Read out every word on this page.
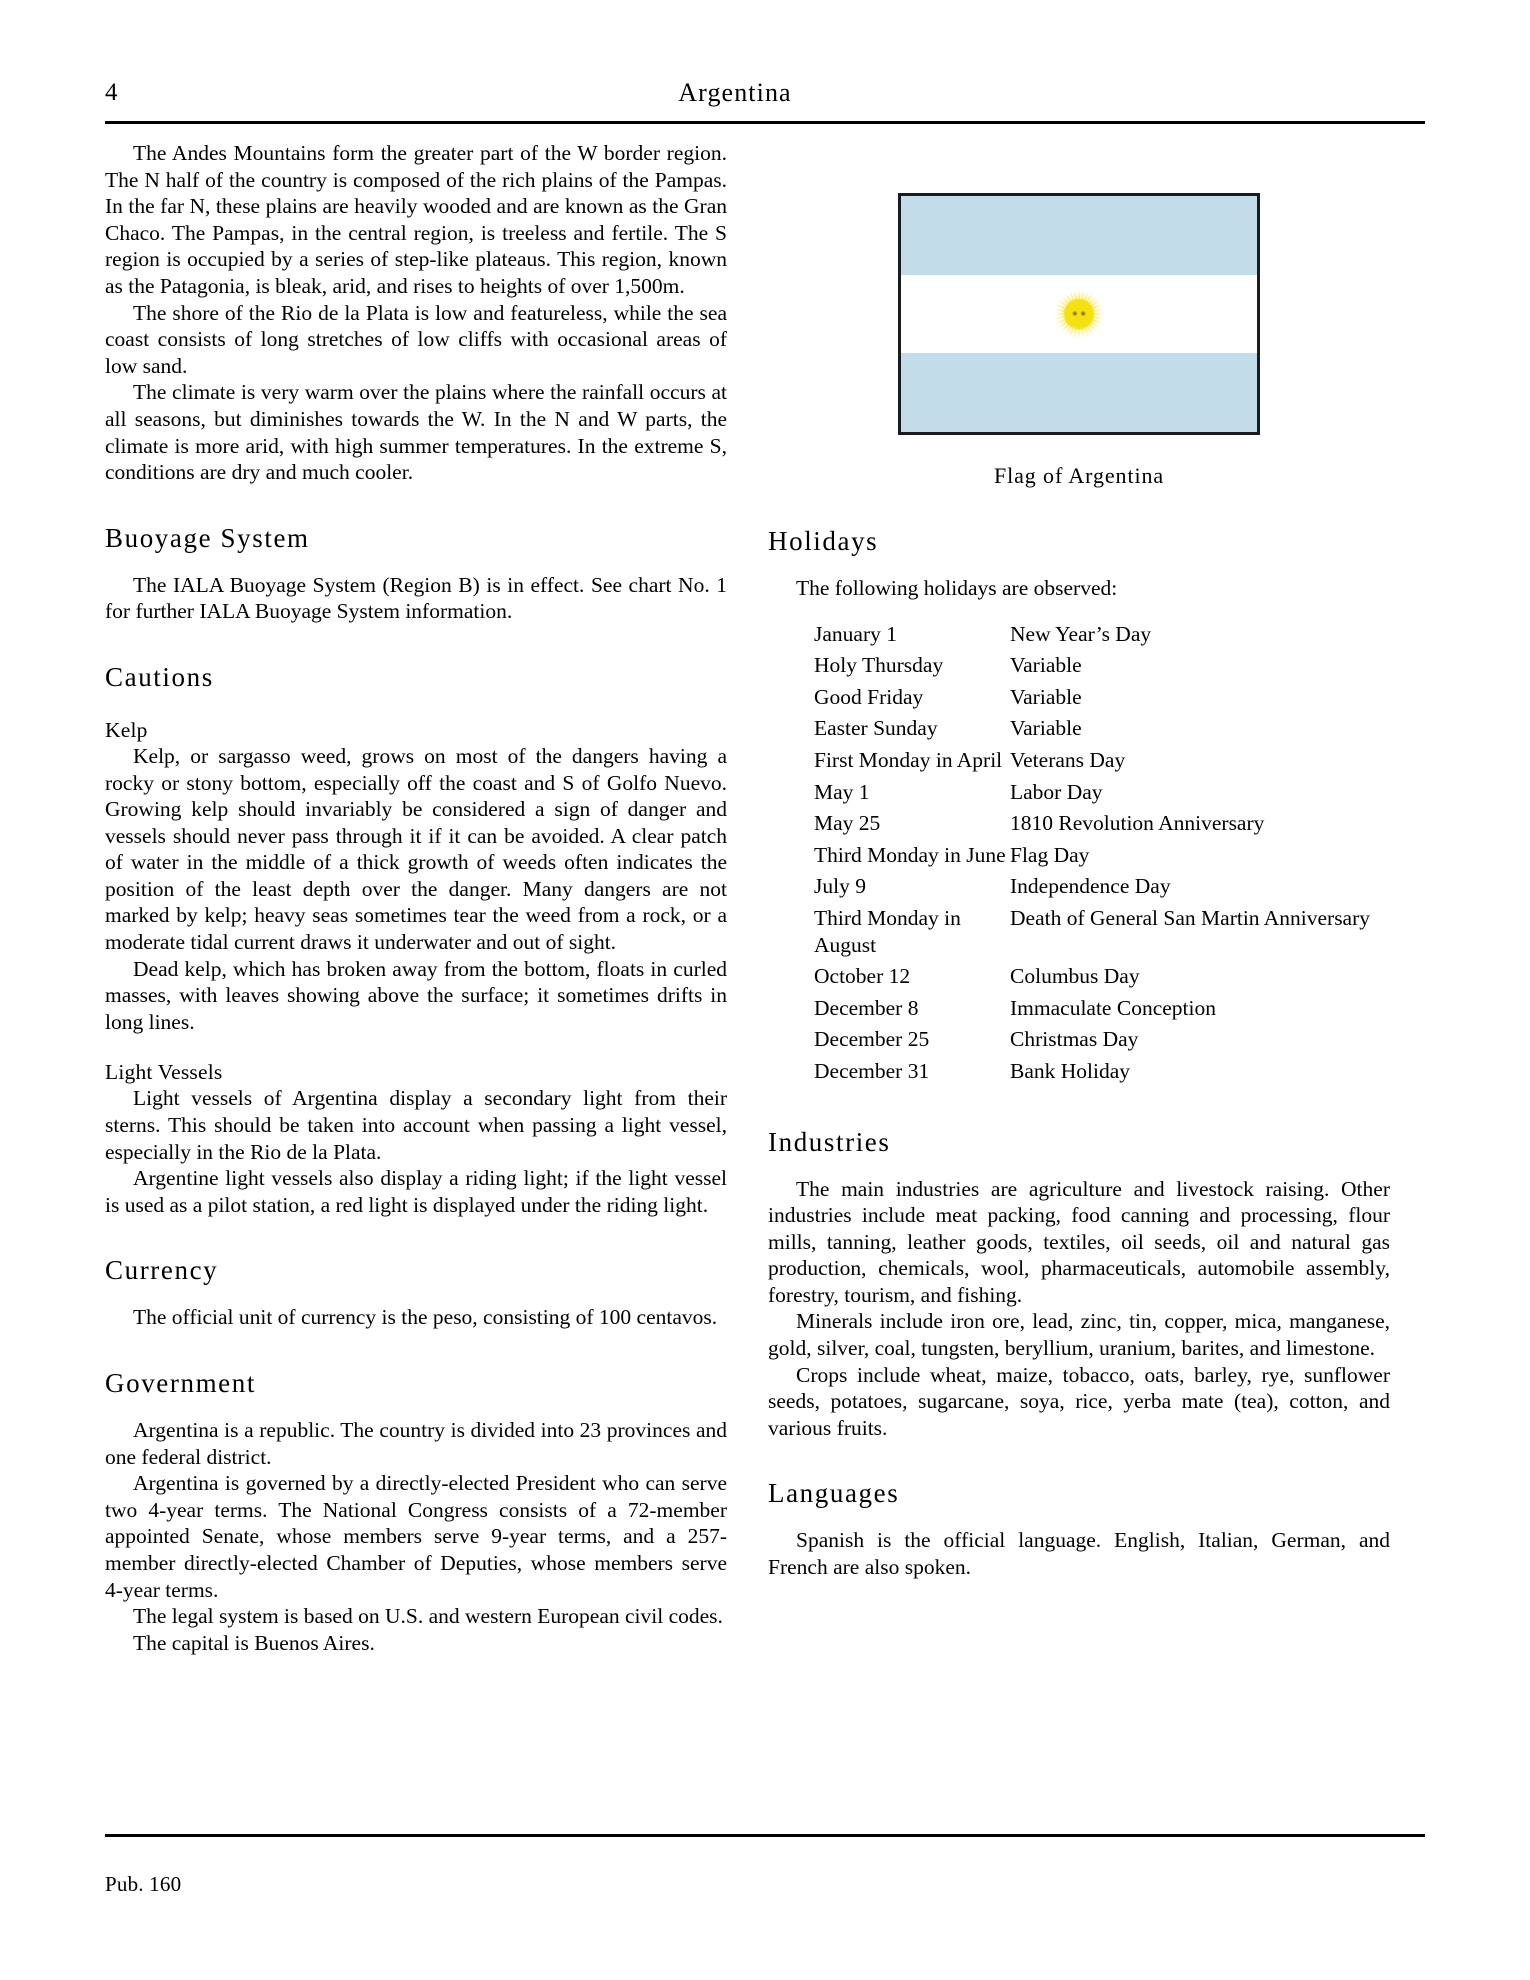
4	Argentina

The Andes Mountains form the greater part of the W border region. The N half of the country is composed of the rich plains of the Pampas. In the far N, these plains are heavily wooded and are known as the Gran Chaco. The Pampas, in the central region, is treeless and fertile. The S region is occupied by a series of step-like plateaus. This region, known as the Patagonia, is bleak, arid, and rises to heights of over 1,500m.

The shore of the Rio de la Plata is low and featureless, while the sea coast consists of long stretches of low cliffs with occasional areas of low sand.

The climate is very warm over the plains where the rainfall occurs at all seasons, but diminishes towards the W. In the N and W parts, the climate is more arid, with high summer temperatures. In the extreme S, conditions are dry and much cooler.

Buoyage System

The IALA Buoyage System (Region B) is in effect. See chart No. 1 for further IALA Buoyage System information.

Cautions
Kelp

Kelp, or sargasso weed, grows on most of the dangers having a rocky or stony bottom, especially off the coast and S of Golfo Nuevo. Growing kelp should invariably be considered a sign of danger and vessels should never pass through it if it can be avoided. A clear patch of water in the middle of a thick growth of weeds often indicates the position of the least depth over the danger. Many dangers are not marked by kelp; heavy seas sometimes tear the weed from a rock, or a moderate tidal current draws it underwater and out of sight.

Dead kelp, which has broken away from the bottom, floats in curled masses, with leaves showing above the surface; it sometimes drifts in long lines.

Light Vessels

Light vessels of Argentina display a secondary light from their sterns. This should be taken into account when passing a light vessel, especially in the Rio de la Plata.

Argentine light vessels also display a riding light; if the light vessel is used as a pilot station, a red light is displayed under the riding light.

Currency

The official unit of currency is the peso, consisting of 100 centavos.

Government

Argentina is a republic. The country is divided into 23 provinces and one federal district.

Argentina is governed by a directly-elected President who can serve two 4-year terms. The National Congress consists of a 72-member appointed Senate, whose members serve 9-year terms, and a 257-member directly-elected Chamber of Deputies, whose members serve 4-year terms.

The legal system is based on U.S. and western European civil codes.

The capital is Buenos Aires.

Flag of Argentina
Holidays

The following holidays are observed:

January 1	New Year’s Day
Holy Thursday	Variable
Good Friday	Variable
Easter Sunday	Variable
First Monday in April	Veterans Day
May 1	Labor Day
May 25	1810 Revolution Anniversary
Third Monday in June	Flag Day
July 9	Independence Day
Third Monday in August	Death of General San Martin Anniversary
October 12	Columbus Day
December 8	Immaculate Conception
December 25	Christmas Day
December 31	Bank Holiday
Industries

The main industries are agriculture and livestock raising. Other industries include meat packing, food canning and processing, flour mills, tanning, leather goods, textiles, oil seeds, oil and natural gas production, chemicals, wool, pharmaceuticals, automobile assembly, forestry, tourism, and fishing.

Minerals include iron ore, lead, zinc, tin, copper, mica, manganese, gold, silver, coal, tungsten, beryllium, uranium, barites, and limestone.

Crops include wheat, maize, tobacco, oats, barley, rye, sunflower seeds, potatoes, sugarcane, soya, rice, yerba mate (tea), cotton, and various fruits.

Languages

Spanish is the official language. English, Italian, German, and French are also spoken.

Pub. 160
